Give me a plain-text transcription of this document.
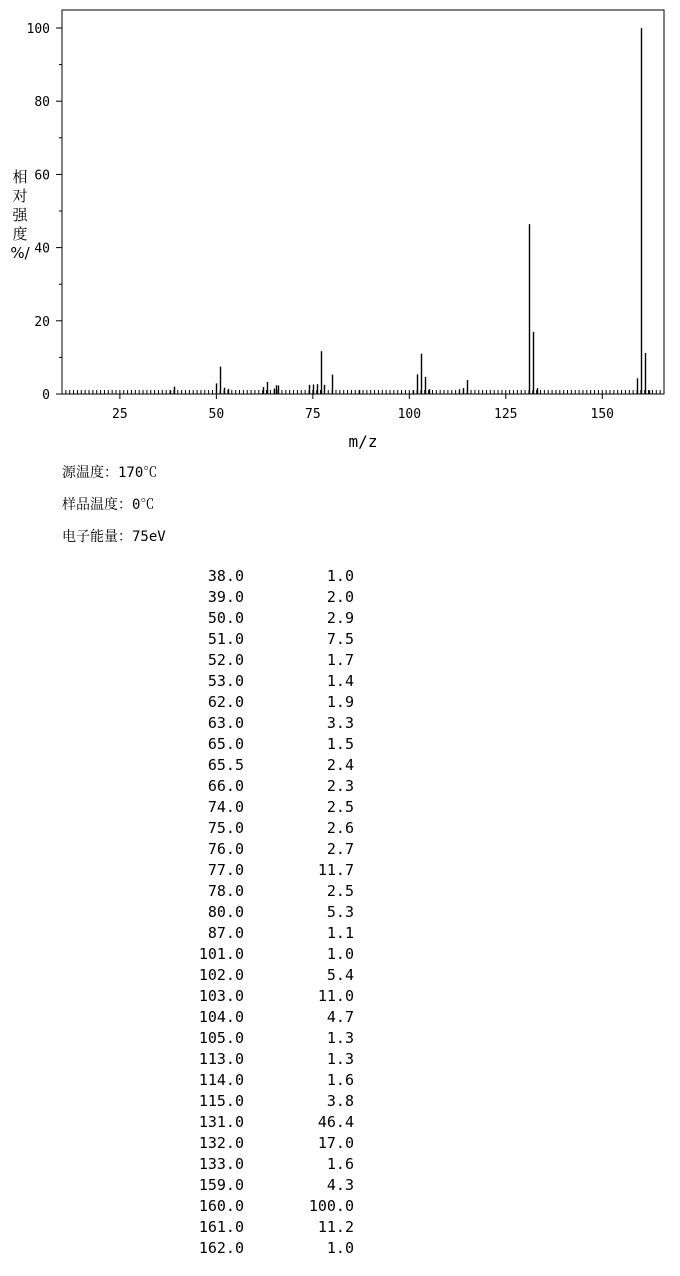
相
对
强
度
%/
m/z
25	50	75	100	125	150
0
20
40
60
80
100
源温度：170℃
样品温度：0℃
电子能量：75eV
38.0	1.0
39.0	2.0
50.0	2.9
51.0	7.5
52.0	1.7
53.0	1.4
62.0	1.9
63.0	3.3
65.0	1.5
65.5	2.4
66.0	2.3
74.0	2.5
75.0	2.6
76.0	2.7
77.0	11.7
78.0	2.5
80.0	5.3
87.0	1.1
101.0	1.0
102.0	5.4
103.0	11.0
104.0	4.7
105.0	1.3
113.0	1.3
114.0	1.6
115.0	3.8
131.0	46.4
132.0	17.0
133.0	1.6
159.0	4.3
160.0	100.0
161.0	11.2
162.0	1.0
